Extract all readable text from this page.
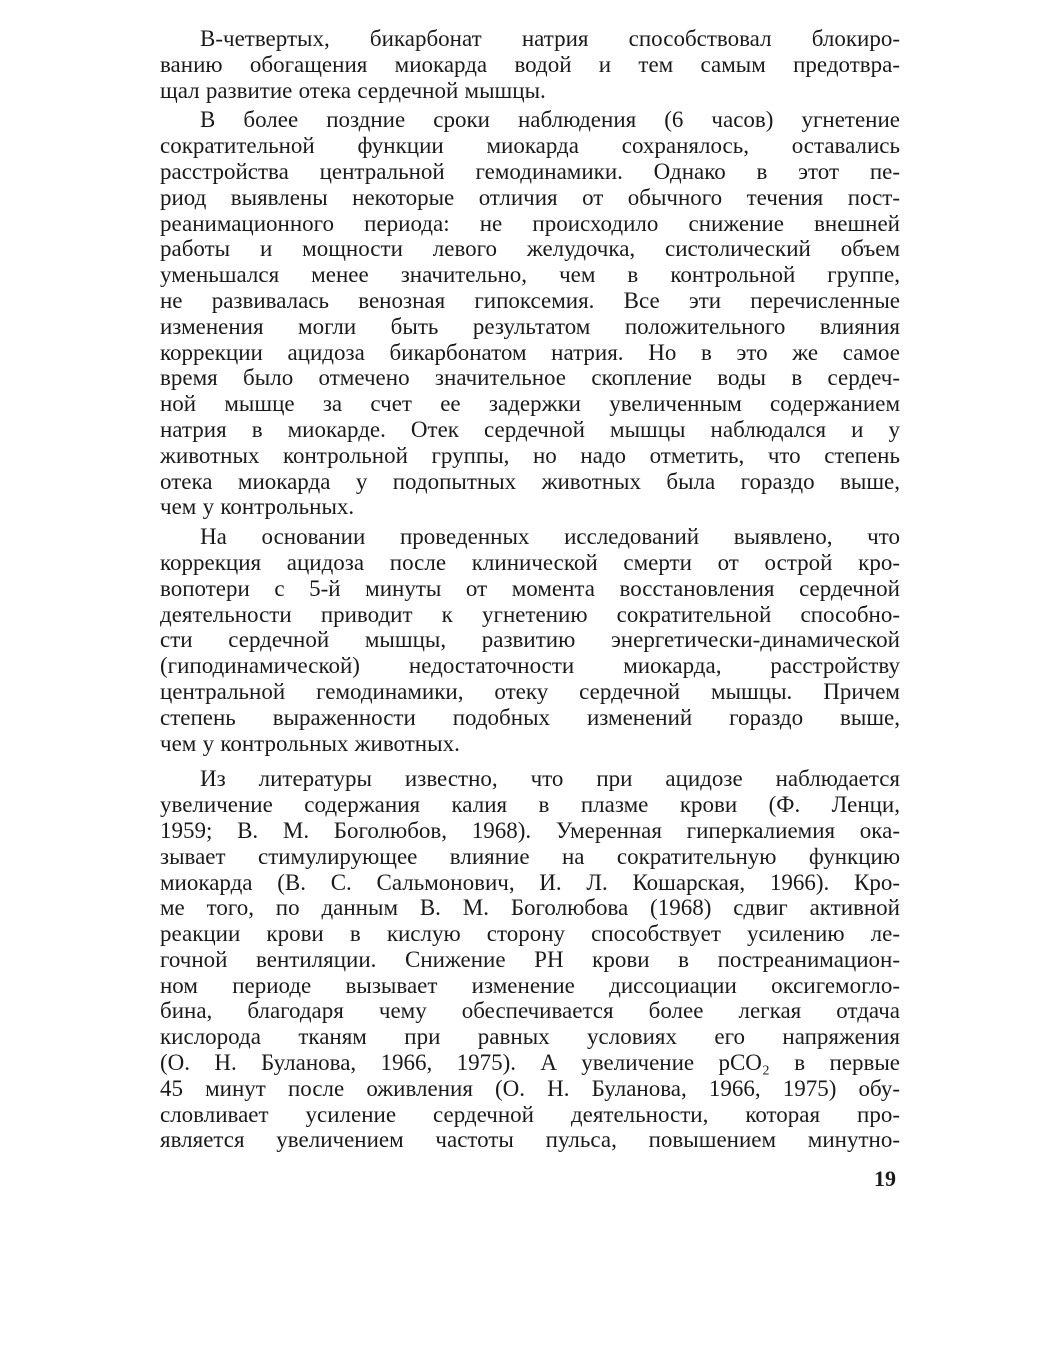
В-четвертых, бикарбонат натрия способствовал блокиро-
ванию обогащения миокарда водой и тем самым предотвра-
щал развитие отека сердечной мышцы.

В более поздние сроки наблюдения (6 часов) угнетение
сократительной функции миокарда сохранялось, оставались
расстройства центральной гемодинамики. Однако в этот пе-
риод выявлены некоторые отличия от обычного течения пост-
реанимационного периода: не происходило снижение внешней
работы и мощности левого желудочка, систолический объем
уменьшался менее значительно, чем в контрольной группе,
не развивалась венозная гипоксемия. Все эти перечисленные
изменения могли быть результатом положительного влияния
коррекции ацидоза бикарбонатом натрия. Но в это же самое
время было отмечено значительное скопление воды в сердеч-
ной мышце за счет ее задержки увеличенным содержанием
натрия в миокарде. Отек сердечной мышцы наблюдался и у
животных контрольной группы, но надо отметить, что степень
отека миокарда у подопытных животных была гораздо выше,
чем у контрольных.

На основании проведенных исследований выявлено, что
коррекция ацидоза после клинической смерти от острой кро-
вопотери с 5-й минуты от момента восстановления сердечной
деятельности приводит к угнетению сократительной способно-
сти сердечной мышцы, развитию энергетически-динамической
(гиподинамической) недостаточности миокарда, расстройству
центральной гемодинамики, отеку сердечной мышцы. Причем
степень выраженности подобных изменений гораздо выше,
чем у контрольных животных.

Из литературы известно, что при ацидозе наблюдается
увеличение содержания калия в плазме крови (Ф. Ленци,
1959; В. М. Боголюбов, 1968). Умеренная гиперкалиемия ока-
зывает стимулирующее влияние на сократительную функцию
миокарда (В. С. Сальмонович, И. Л. Кошарская, 1966). Кро-
ме того, по данным В. М. Боголюбова (1968) сдвиг активной
реакции крови в кислую сторону способствует усилению ле-
гочной вентиляции. Снижение PH крови в постреанимацион-
ном периоде вызывает изменение диссоциации оксигемогло-
бина, благодаря чему обеспечивается более легкая отдача
кислорода тканям при равных условиях его напряжения
(О. Н. Буланова, 1966, 1975). А увеличение pCO₂ в первые
45 минут после оживления (О. Н. Буланова, 1966, 1975) обу-
словливает усиление сердечной деятельности, которая про-
является увеличением частоты пульса, повышением минутно-

19
